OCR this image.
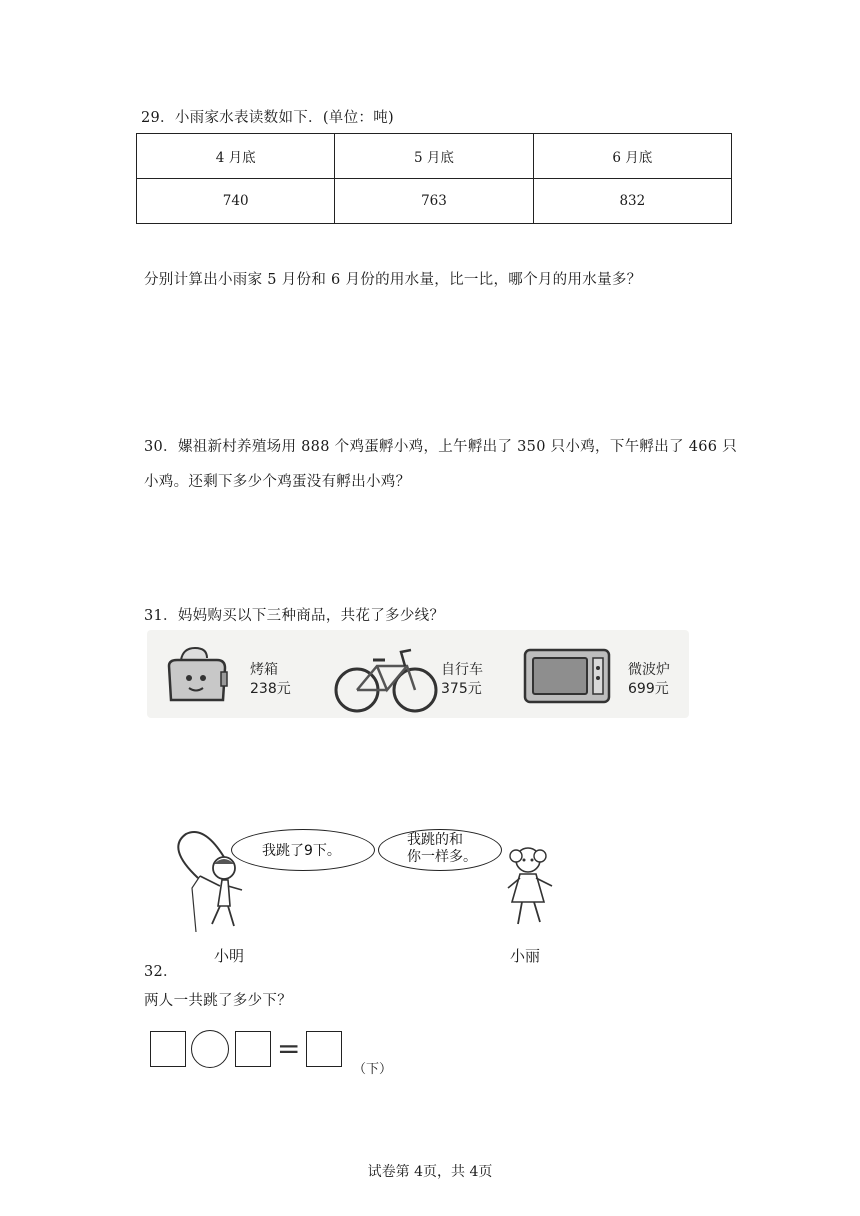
29．小雨家水表读数如下．(单位：吨)
4 月底	5 月底	6 月底
740	763	832
分别计算出小雨家 5 月份和 6 月份的用水量，比一比，哪个月的用水量多？
30．嫘祖新村养殖场用 888 个鸡蛋孵小鸡，上午孵出了 350 只小鸡，下午孵出了 466 只
小鸡。还剩下多少个鸡蛋没有孵出小鸡？
31．妈妈购买以下三种商品，共花了多少线？
烤箱
238元
自行车
375元
微波炉
699元
我跳了9下。
我跳的和
你一样多。
小明	小丽
32．
两人一共跳了多少下？
=
（下）
试卷第 4页，共 4页
